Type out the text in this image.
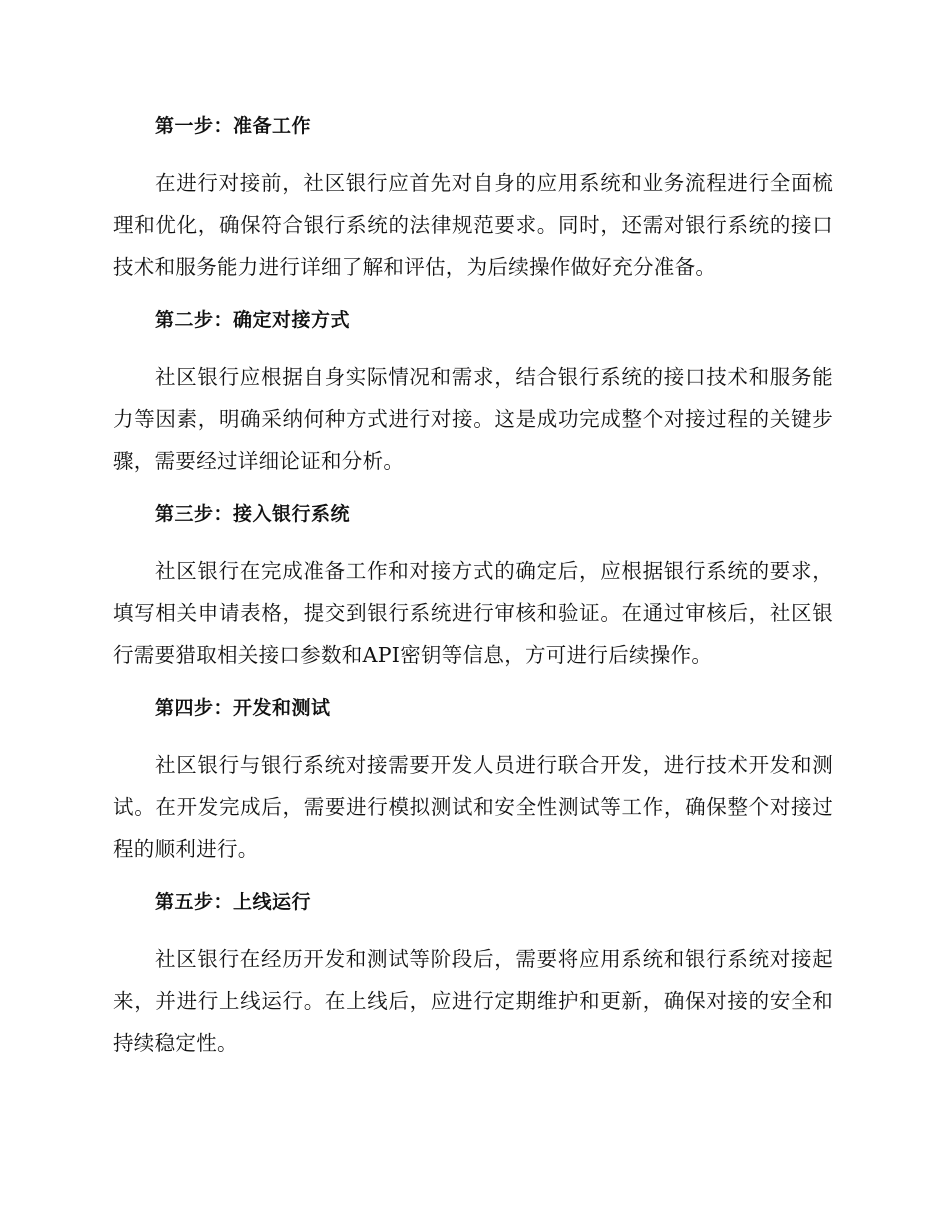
第一步：准备工作

在进行对接前，社区银行应首先对自身的应用系统和业务流程进行全面梳理和优化，确保符合银行系统的法律规范要求。同时，还需对银行系统的接口技术和服务能力进行详细了解和评估，为后续操作做好充分准备。

第二步：确定对接方式

社区银行应根据自身实际情况和需求，结合银行系统的接口技术和服务能力等因素，明确采纳何种方式进行对接。这是成功完成整个对接过程的关键步骤，需要经过详细论证和分析。

第三步：接入银行系统

社区银行在完成准备工作和对接方式的确定后，应根据银行系统的要求，填写相关申请表格，提交到银行系统进行审核和验证。在通过审核后，社区银行需要猎取相关接口参数和API密钥等信息，方可进行后续操作。

第四步：开发和测试

社区银行与银行系统对接需要开发人员进行联合开发，进行技术开发和测试。在开发完成后，需要进行模拟测试和安全性测试等工作，确保整个对接过程的顺利进行。

第五步：上线运行

社区银行在经历开发和测试等阶段后，需要将应用系统和银行系统对接起来，并进行上线运行。在上线后，应进行定期维护和更新，确保对接的安全和持续稳定性。
